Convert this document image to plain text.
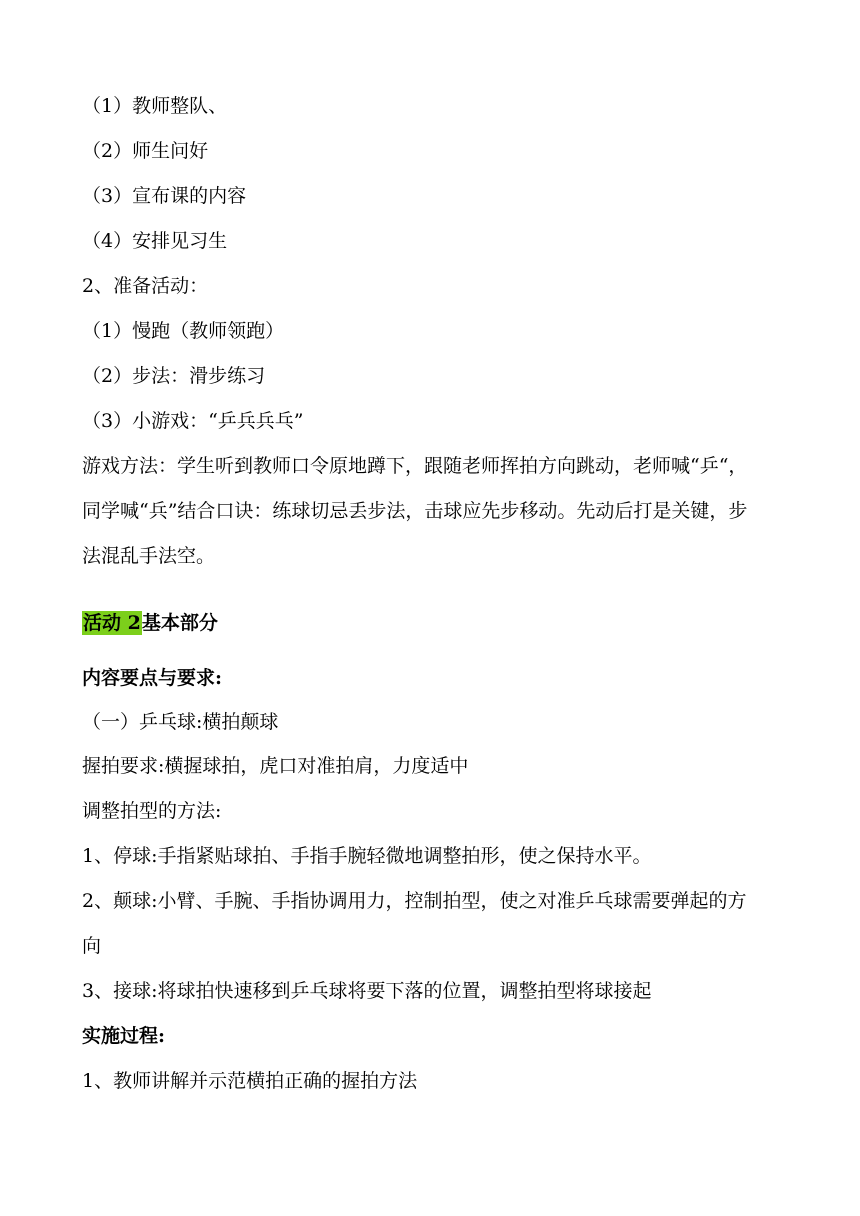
（1）教师整队、
（2）师生问好
（3）宣布课的内容
（4）安排见习生
2、准备活动：
（1）慢跑（教师领跑）
（2）步法：滑步练习
（3）小游戏：“乒兵兵乓”
游戏方法：学生听到教师口令原地蹲下，跟随老师挥拍方向跳动，老师喊“乒“，
同学喊“兵”结合口诀：练球切忌丢步法，击球应先步移动。先动后打是关键，步
法混乱手法空。
活动 2基本部分
内容要点与要求:
（一）乒乓球:横拍颠球
握拍要求:横握球拍，虎口对准拍肩，力度适中
调整拍型的方法:
1、停球:手指紧贴球拍、手指手腕轻微地调整拍形，使之保持水平。
2、颠球:小臂、手腕、手指协调用力，控制拍型，使之对准乒乓球需要弹起的方
向
3、接球:将球拍快速移到乒乓球将要下落的位置，调整拍型将球接起
实施过程:
1、教师讲解并示范横拍正确的握拍方法
